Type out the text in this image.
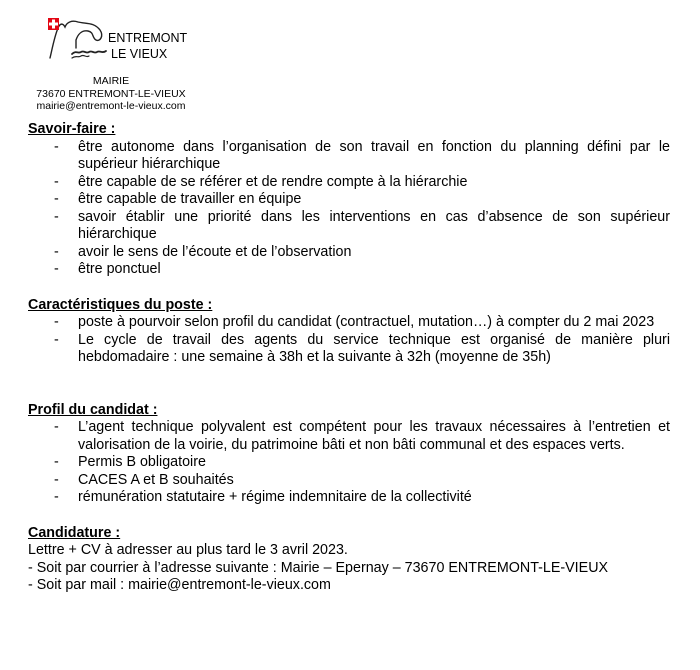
ENTREMONT
LE VIEUX
MAIRIE
73670 ENTREMONT-LE-VIEUX
mairie@entremont-le-vieux.com
Savoir-faire :
- être autonome dans l’organisation de son travail en fonction du planning défini par le supérieur hiérarchique
- être capable de se référer et de rendre compte à la hiérarchie
- être capable de travailler en équipe
- savoir établir une priorité dans les interventions en cas d’absence de son supérieur hiérarchique
- avoir le sens de l’écoute et de l’observation
- être ponctuel
Caractéristiques du poste :
- poste à pourvoir selon profil du candidat (contractuel, mutation…) à compter du 2 mai 2023
- Le cycle de travail des agents du service technique est organisé de manière pluri hebdomadaire : une semaine à 38h et la suivante à 32h (moyenne de 35h)
Profil du candidat :
- L’agent technique polyvalent est compétent pour les travaux nécessaires à l’entretien et valorisation de la voirie, du patrimoine bâti et non bâti communal et des espaces verts.
- Permis B obligatoire
- CACES A et B souhaités
- rémunération statutaire + régime indemnitaire de la collectivité
Candidature :
Lettre + CV à adresser au plus tard le 3 avril 2023.
- Soit par courrier à l’adresse suivante : Mairie – Epernay – 73670 ENTREMONT-LE-VIEUX
- Soit par mail : mairie@entremont-le-vieux.com
